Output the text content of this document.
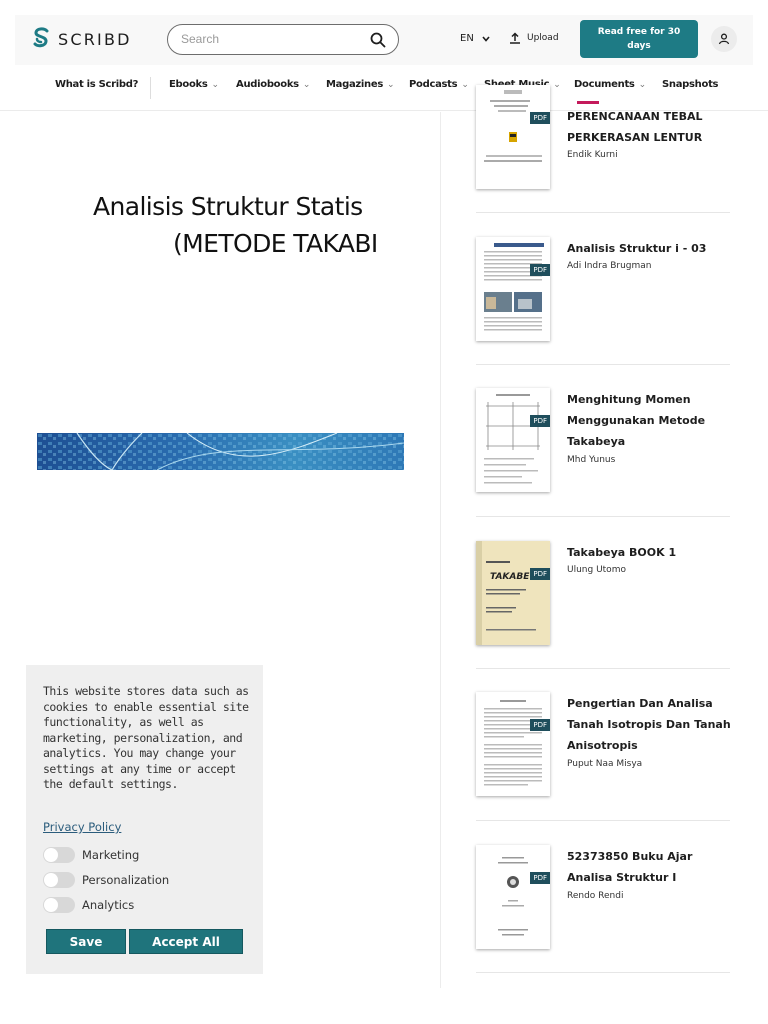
SCRIBD
Search	EN	Upload
Read free for 30 days
What is Scribd?	Ebooks ⌄ Audiobooks ⌄ Magazines ⌄ Podcasts ⌄	⌄ Documents ⌄ Snapshots
Analisis Struktur Statis
(METODE TAKABI
PDF PERENCANAAN TEBAL PERKERASAN LENTUR
Endik Kurni
PDF
Analisis Struktur i - 03
Adi Indra Brugman
PDF
Menghitung Momen Menggunakan Metode Takabeya
Mhd Yunus
TAKABE PDF
Takabeya BOOK 1
Ulung Utomo
PDF
Pengertian Dan Analisa Tanah Isotropis Dan Tanah Anisotropis
Puput Naa Misya
PDF
52373850 Buku Ajar Analisa Struktur I
Rendo Rendi
This website stores data such as cookies to enable essential site functionality, as well as marketing, personalization, and analytics. You may change your settings at any time or accept the default settings.
Privacy Policy
Marketing
Personalization
Analytics
Save	Accept All
